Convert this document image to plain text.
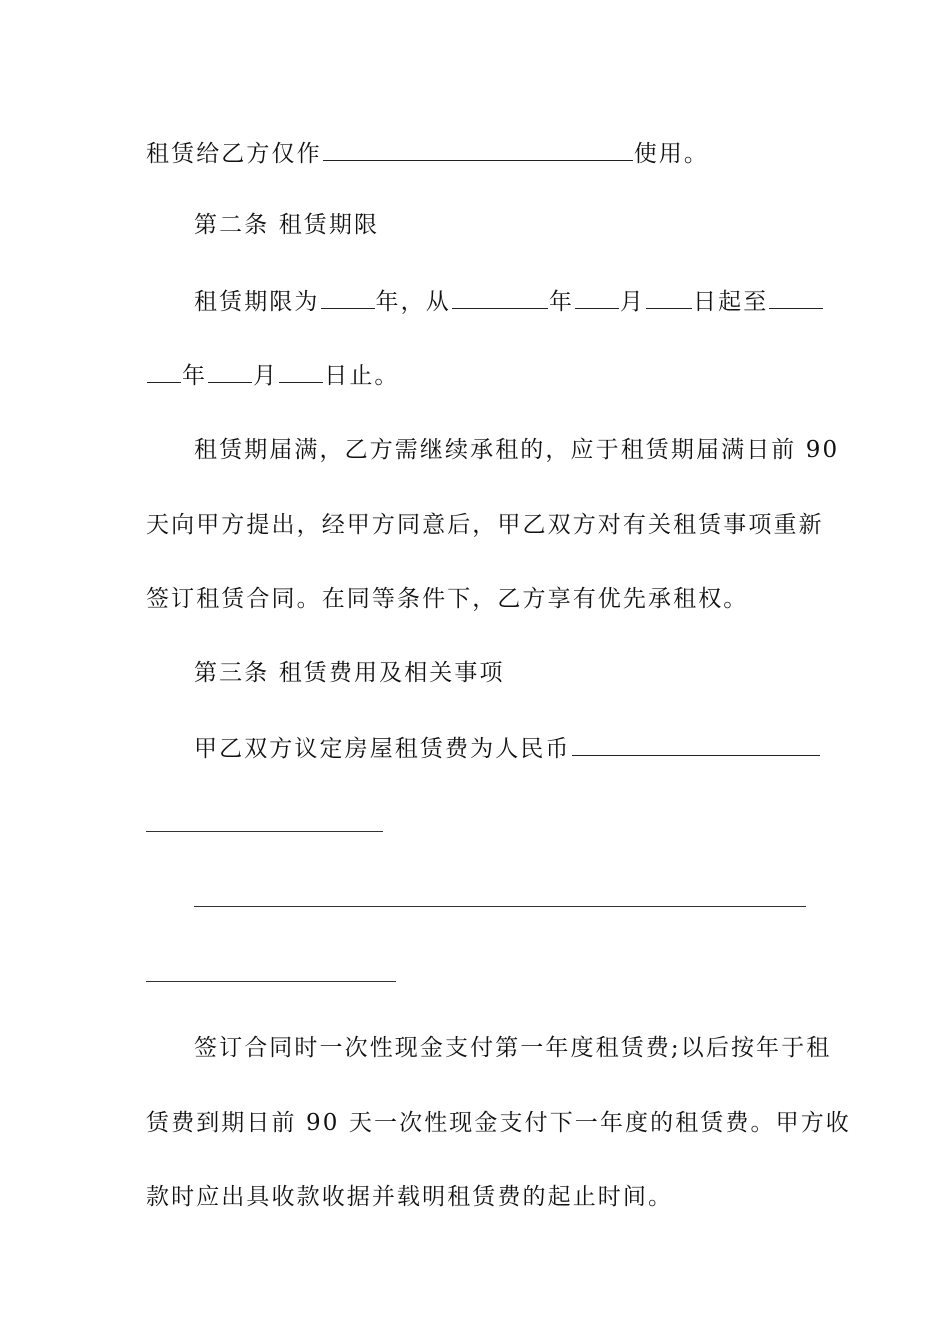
租赁给乙方仅作	使用。
第二条 租赁期限
租赁期限为 年，从	年 月 日起至
年 月 日止。
租赁期届满，乙方需继续承租的，应于租赁期届满日前 90
天向甲方提出，经甲方同意后，甲乙双方对有关租赁事项重新
签订租赁合同。在同等条件下，乙方享有优先承租权。
第三条 租赁费用及相关事项
甲乙双方议定房屋租赁费为人民币
签订合同时一次性现金支付第一年度租赁费;以后按年于租
赁费到期日前 90 天一次性现金支付下一年度的租赁费。甲方收
款时应出具收款收据并载明租赁费的起止时间。
